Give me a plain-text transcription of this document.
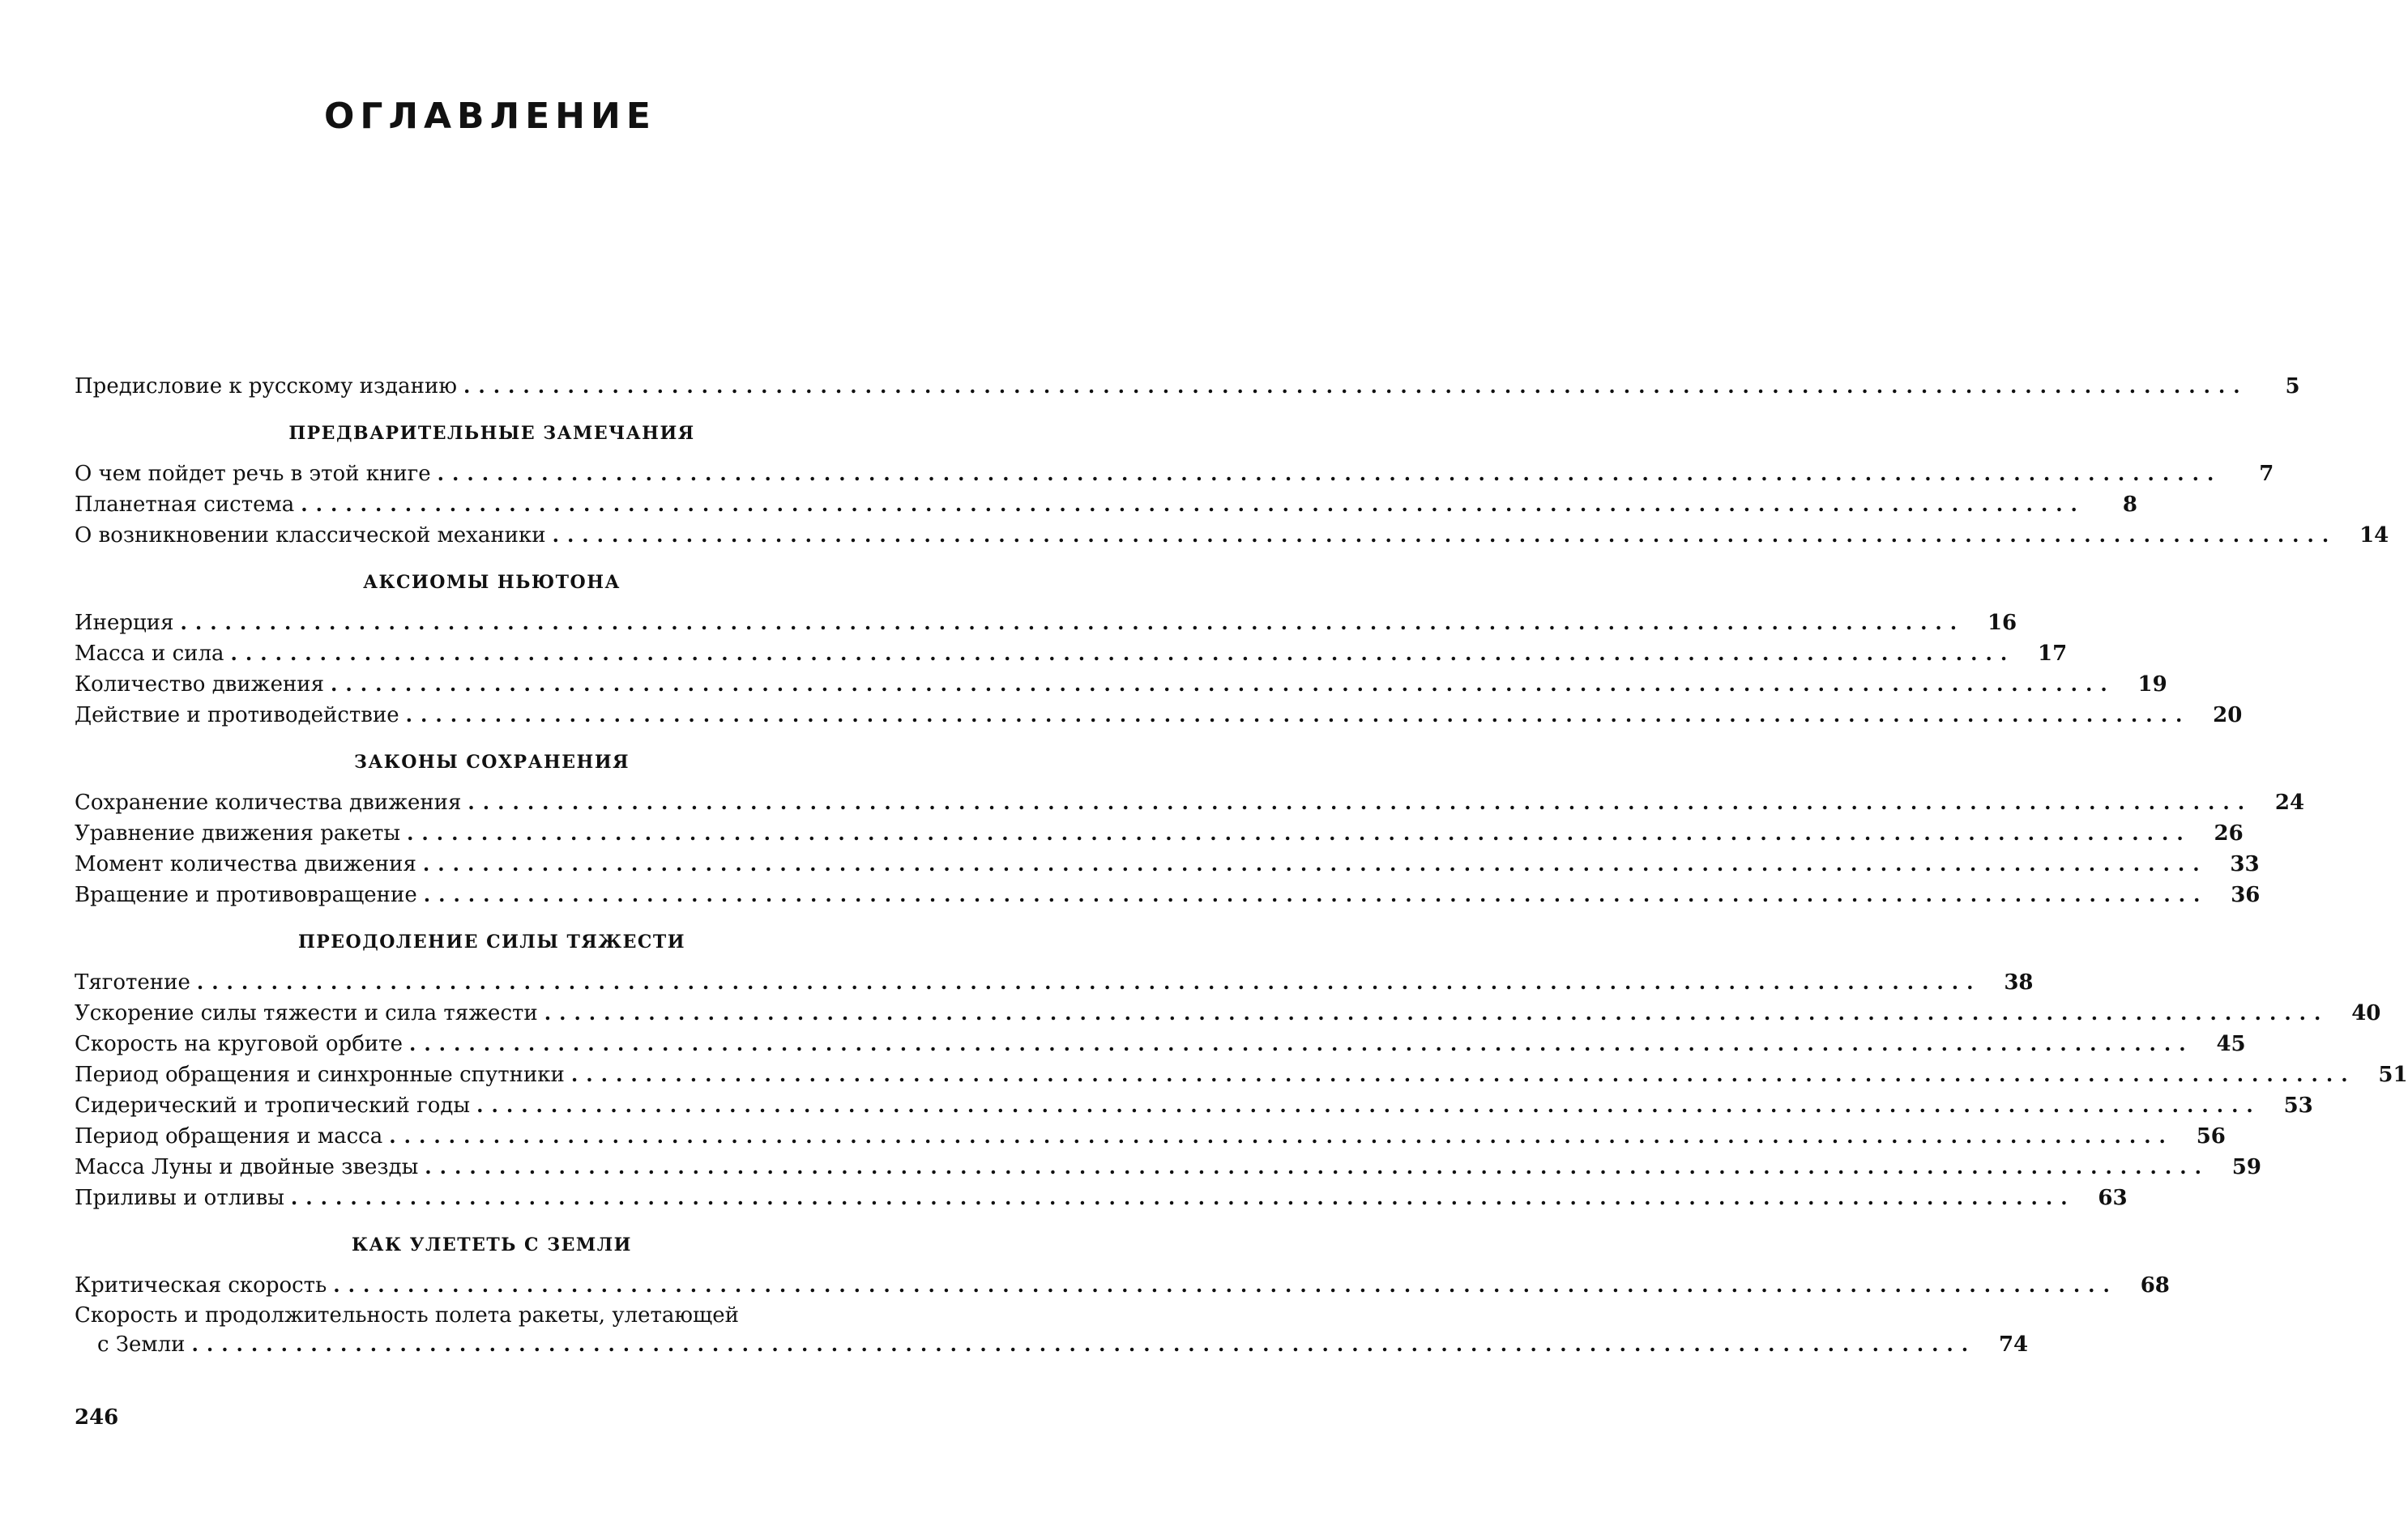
ОГЛАВЛЕНИЕ
Предисловие к русскому изданию ........................................................................................................................	5
ПРЕДВАРИТЕЛЬНЫЕ ЗАМЕЧАНИЯ
О чем пойдет речь в этой книге ........................................................................................................................	7
Планетная система ........................................................................................................................	8
О возникновении классической механики ........................................................................................................................	14
АКСИОМЫ НЬЮТОНА
Инерция ........................................................................................................................	16
Масса и сила ........................................................................................................................	17
Количество движения ........................................................................................................................	19
Действие и противодействие ........................................................................................................................	20
ЗАКОНЫ СОХРАНЕНИЯ
Сохранение количества движения ........................................................................................................................	24
Уравнение движения ракеты ........................................................................................................................	26
Момент количества движения ........................................................................................................................	33
Вращение и противовращение ........................................................................................................................	36
ПРЕОДОЛЕНИЕ СИЛЫ ТЯЖЕСТИ
Тяготение ........................................................................................................................	38
Ускорение силы тяжести и сила тяжести ........................................................................................................................	40
Скорость на круговой орбите ........................................................................................................................	45
Период обращения и синхронные спутники ........................................................................................................................	51
Сидерический и тропический годы ........................................................................................................................	53
Период обращения и масса ........................................................................................................................	56
Масса Луны и двойные звезды ........................................................................................................................	59
Приливы и отливы ........................................................................................................................	63
КАК УЛЕТЕТЬ С ЗЕМЛИ
Критическая скорость ........................................................................................................................	68
Скорость и продолжительность полета ракеты, улетающей
с Земли ........................................................................................................................	74
246
